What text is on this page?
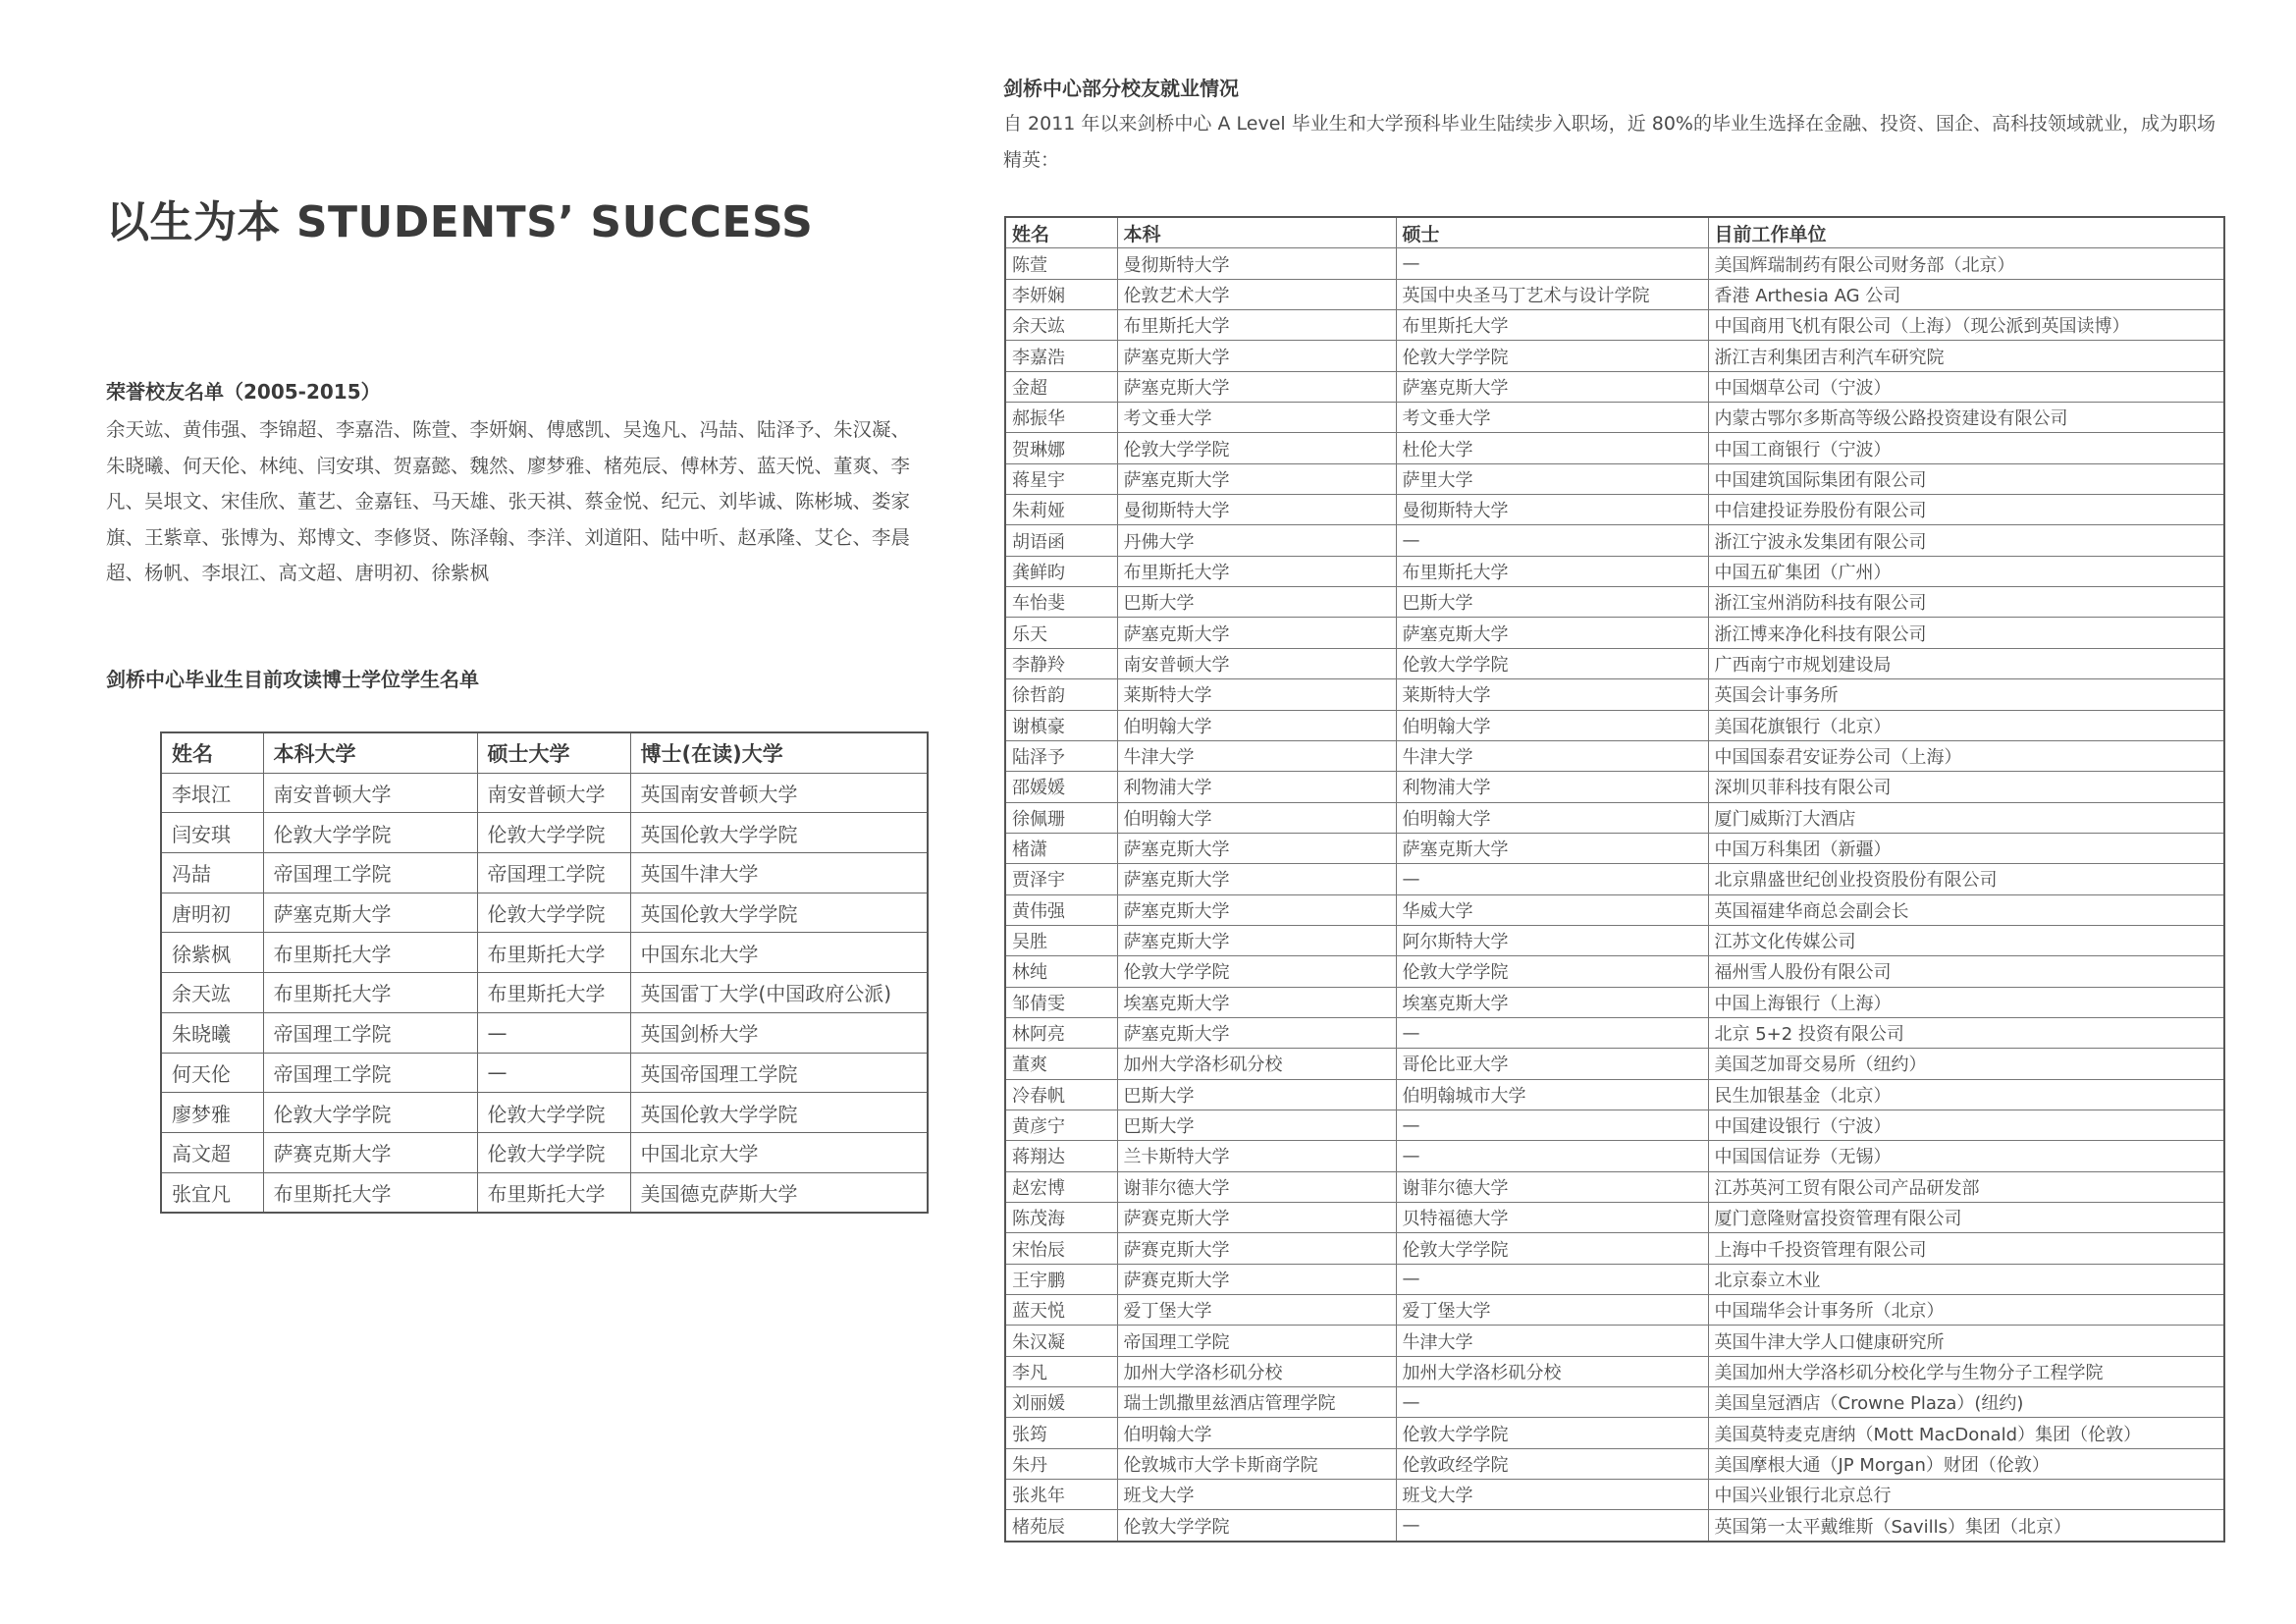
以生为本 STUDENTS’ SUCCESS
荣誉校友名单（2005-2015）

余天竑、黄伟强、李锦超、李嘉浩、陈萱、李妍娴、傅感凯、吴逸凡、冯喆、陆泽予、朱汉凝、朱晓曦、何天伦、林纯、闫安琪、贺嘉懿、魏然、廖梦雅、楮苑辰、傅林芳、蓝天悦、董爽、李凡、吴垠文、宋佳欣、董艺、金嘉钰、马天雄、张天祺、蔡金悦、纪元、刘毕诚、陈彬城、娄家旗、王紫章、张博为、郑博文、李修贤、陈泽翰、李洋、刘道阳、陆中听、赵承隆、艾仑、李晨超、杨帆、李垠江、高文超、唐明初、徐紫枫

剑桥中心毕业生目前攻读博士学位学生名单
姓名	本科大学	硕士大学	博士(在读)大学
李垠江	南安普顿大学	南安普顿大学	英国南安普顿大学
闫安琪	伦敦大学学院	伦敦大学学院	英国伦敦大学学院
冯喆	帝国理工学院	帝国理工学院	英国牛津大学
唐明初	萨塞克斯大学	伦敦大学学院	英国伦敦大学学院
徐紫枫	布里斯托大学	布里斯托大学	中国东北大学
余天竑	布里斯托大学	布里斯托大学	英国雷丁大学(中国政府公派)
朱晓曦	帝国理工学院	—	英国剑桥大学
何天伦	帝国理工学院	—	英国帝国理工学院
廖梦雅	伦敦大学学院	伦敦大学学院	英国伦敦大学学院
高文超	萨赛克斯大学	伦敦大学学院	中国北京大学
张宜凡	布里斯托大学	布里斯托大学	美国德克萨斯大学
剑桥中心部分校友就业情况

自 2011 年以来剑桥中心 A Level 毕业生和大学预科毕业生陆续步入职场，近 80%的毕业生选择在金融、投资、国企、高科技领域就业，成为职场精英：

姓名	本科	硕士	目前工作单位
陈萱	曼彻斯特大学	—	美国辉瑞制药有限公司财务部（北京）
李妍娴	伦敦艺术大学	英国中央圣马丁艺术与设计学院	香港 Arthesia AG 公司
余天竑	布里斯托大学	布里斯托大学	中国商用飞机有限公司（上海）（现公派到英国读博）
李嘉浩	萨塞克斯大学	伦敦大学学院	浙江吉利集团吉利汽车研究院
金超	萨塞克斯大学	萨塞克斯大学	中国烟草公司（宁波）
郝振华	考文垂大学	考文垂大学	内蒙古鄂尔多斯高等级公路投资建设有限公司
贺琳娜	伦敦大学学院	杜伦大学	中国工商银行（宁波）
蒋星宇	萨塞克斯大学	萨里大学	中国建筑国际集团有限公司
朱莉娅	曼彻斯特大学	曼彻斯特大学	中信建投证券股份有限公司
胡语函	丹佛大学	—	浙江宁波永发集团有限公司
龚鲜昀	布里斯托大学	布里斯托大学	中国五矿集团（广州）
车怡斐	巴斯大学	巴斯大学	浙江宝州消防科技有限公司
乐天	萨塞克斯大学	萨塞克斯大学	浙江博来净化科技有限公司
李静羚	南安普顿大学	伦敦大学学院	广西南宁市规划建设局
徐哲韵	莱斯特大学	莱斯特大学	英国会计事务所
谢槙豪	伯明翰大学	伯明翰大学	美国花旗银行（北京）
陆泽予	牛津大学	牛津大学	中国国泰君安证券公司（上海）
邵媛媛	利物浦大学	利物浦大学	深圳贝菲科技有限公司
徐佩珊	伯明翰大学	伯明翰大学	厦门威斯汀大酒店
楮潇	萨塞克斯大学	萨塞克斯大学	中国万科集团（新疆）
贾泽宇	萨塞克斯大学	—	北京鼎盛世纪创业投资股份有限公司
黄伟强	萨塞克斯大学	华威大学	英国福建华商总会副会长
吴胜	萨塞克斯大学	阿尔斯特大学	江苏文化传媒公司
林纯	伦敦大学学院	伦敦大学学院	福州雪人股份有限公司
邹倩雯	埃塞克斯大学	埃塞克斯大学	中国上海银行（上海）
林阿亮	萨塞克斯大学	—	北京 5+2 投资有限公司
董爽	加州大学洛杉矶分校	哥伦比亚大学	美国芝加哥交易所（纽约）
冷春帆	巴斯大学	伯明翰城市大学	民生加银基金（北京）
黄彦宁	巴斯大学	—	中国建设银行（宁波）
蒋翔达	兰卡斯特大学	—	中国国信证券（无锡）
赵宏博	谢菲尔德大学	谢菲尔德大学	江苏英河工贸有限公司产品研发部
陈茂海	萨赛克斯大学	贝特福德大学	厦门意隆财富投资管理有限公司
宋怡辰	萨赛克斯大学	伦敦大学学院	上海中千投资管理有限公司
王宇鹏	萨赛克斯大学	—	北京泰立木业
蓝天悦	爱丁堡大学	爱丁堡大学	中国瑞华会计事务所（北京）
朱汉凝	帝国理工学院	牛津大学	英国牛津大学人口健康研究所
李凡	加州大学洛杉矶分校	加州大学洛杉矶分校	美国加州大学洛杉矶分校化学与生物分子工程学院
刘丽媛	瑞士凯撒里兹酒店管理学院	—	美国皇冠酒店（Crowne Plaza）(纽约)
张筠	伯明翰大学	伦敦大学学院	美国莫特麦克唐纳（Mott MacDonald）集团（伦敦）
朱丹	伦敦城市大学卡斯商学院	伦敦政经学院	美国摩根大通（JP Morgan）财团（伦敦）
张兆年	班戈大学	班戈大学	中国兴业银行北京总行
楮苑辰	伦敦大学学院	—	英国第一太平戴维斯（Savills）集团（北京）
